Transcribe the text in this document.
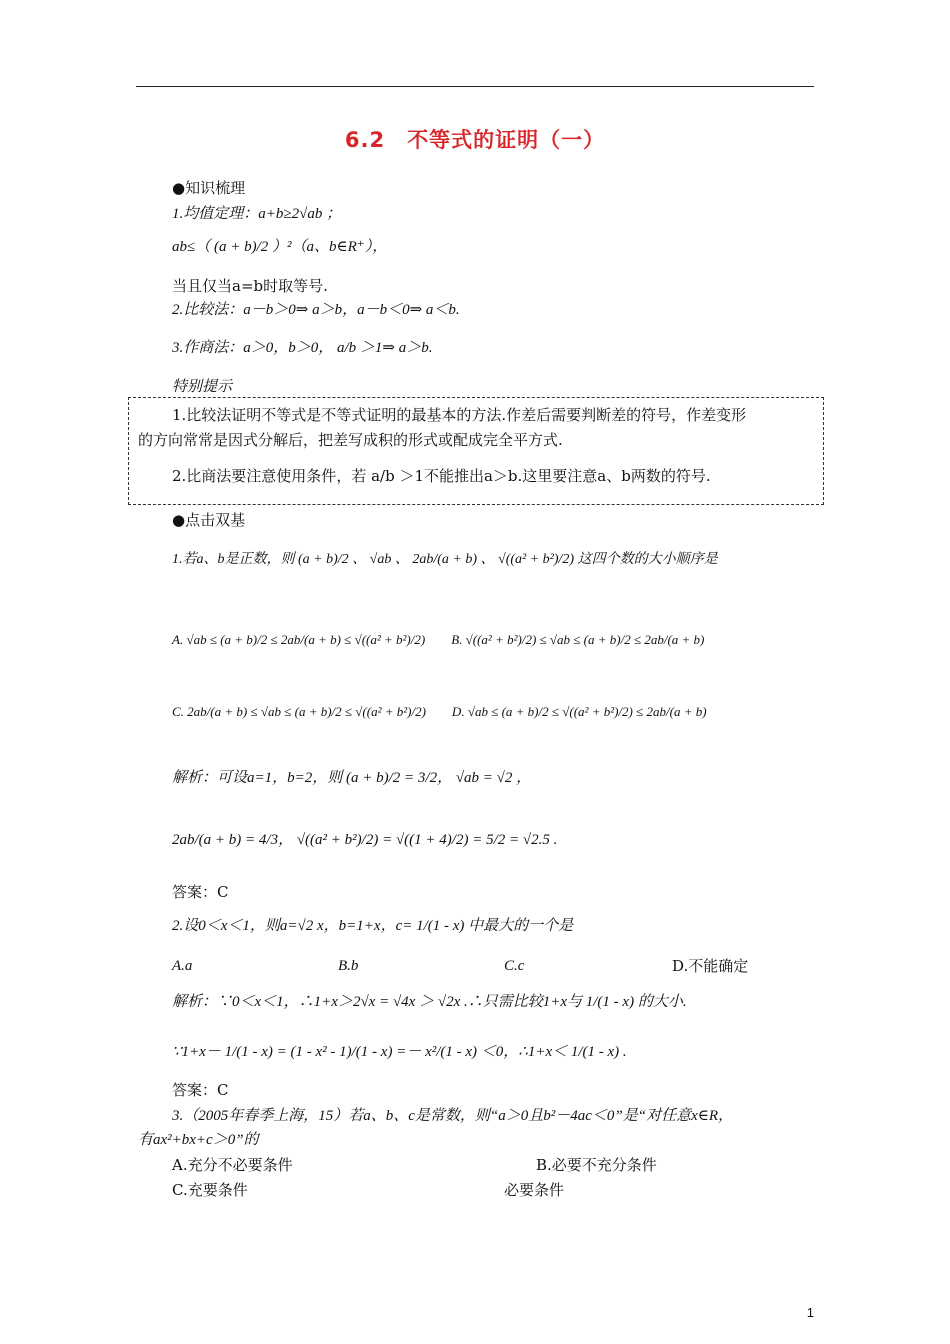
6.2　不等式的证明（一）
●知识梳理
1.均值定理：a+b≥2√ab ；
ab≤（ (a + b)/2 ）²（a、b∈R⁺），
当且仅当a=b时取等号.
2.比较法：a－b＞0⇒ a＞b，a－b＜0⇒ a＜b.
3.作商法：a＞0，b＞0， a/b ＞1⇒ a＞b.
特别提示
1.比较法证明不等式是不等式证明的最基本的方法.作差后需要判断差的符号，作差变形
的方向常常是因式分解后，把差写成积的形式或配成完全平方式.
2.比商法要注意使用条件，若 a/b ＞1不能推出a＞b.这里要注意a、b两数的符号.
●点击双基
1.若a、b是正数，则 (a + b)/2 、 √ab 、 2ab/(a + b) 、 √((a² + b²)/2) 这四个数的大小顺序是
A. √ab ≤ (a + b)/2 ≤ 2ab/(a + b) ≤ √((a² + b²)/2)　　B. √((a² + b²)/2) ≤ √ab ≤ (a + b)/2 ≤ 2ab/(a + b)
C. 2ab/(a + b) ≤ √ab ≤ (a + b)/2 ≤ √((a² + b²)/2)　　D. √ab ≤ (a + b)/2 ≤ √((a² + b²)/2) ≤ 2ab/(a + b)
解析：可设a=1，b=2，则 (a + b)/2 = 3/2， √ab = √2 ，
2ab/(a + b) = 4/3， √((a² + b²)/2) = √((1 + 4)/2) = 5/2 = √2.5 .
答案：C
2.设0＜x＜1，则a=√2 x，b=1+x，c= 1/(1 - x) 中最大的一个是
A.a	B.b	C.c	D.不能确定
解析：∵0＜x＜1，∴1+x＞2√x = √4x ＞ √2x .∴只需比较1+x与 1/(1 - x) 的大小.
∵1+x－ 1/(1 - x) = (1 - x² - 1)/(1 - x) =－ x²/(1 - x) ＜0，∴1+x＜ 1/(1 - x) .
答案：C
3.（2005年春季上海，15）若a、b、c是常数，则“a＞0且b²－4ac＜0”是“对任意x∈R，
有ax²+bx+c＞0”的
A.充分不必要条件	B.必要不充分条件
C.充要条件	必要条件
1
